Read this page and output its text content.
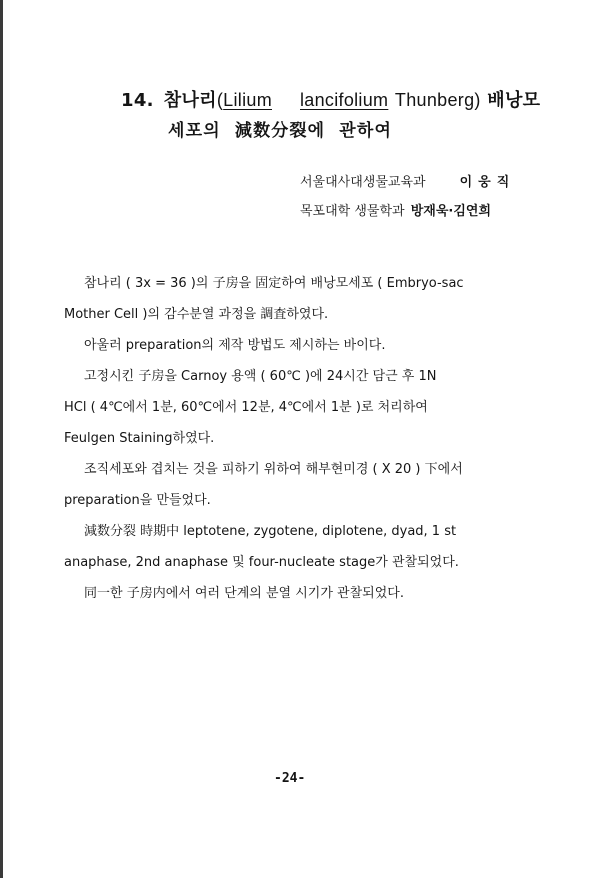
14. 참나리(Lilium lancifolium Thunberg) 배낭모
세포의 減数分裂에 관하여
서울대사대생물교육과	이웅직
목포대학 생물학과 방재욱·김연희
참나리 ( 3x = 36 )의 子房을 固定하여 배낭모세포 ( Embryo-sac
Mother Cell )의 감수분열 과정을 調査하였다.
아울러 preparation의 제작 방법도 제시하는 바이다.
고정시킨 子房을 Carnoy 용액 ( 60℃ )에 24시간 담근 후 1N
HCl ( 4℃에서 1분, 60℃에서 12분, 4℃에서 1분 )로 처리하여
Feulgen Staining하였다.
조직세포와 겹치는 것을 피하기 위하여 해부현미경 ( X 20 ) 下에서
preparation을 만들었다.
減数分裂 時期中 leptotene, zygotene, diplotene, dyad, 1 st
anaphase, 2nd anaphase 및 four-nucleate stage가 관찰되었다.
同一한 子房内에서 여러 단계의 분열 시기가 관찰되었다.
-24-
